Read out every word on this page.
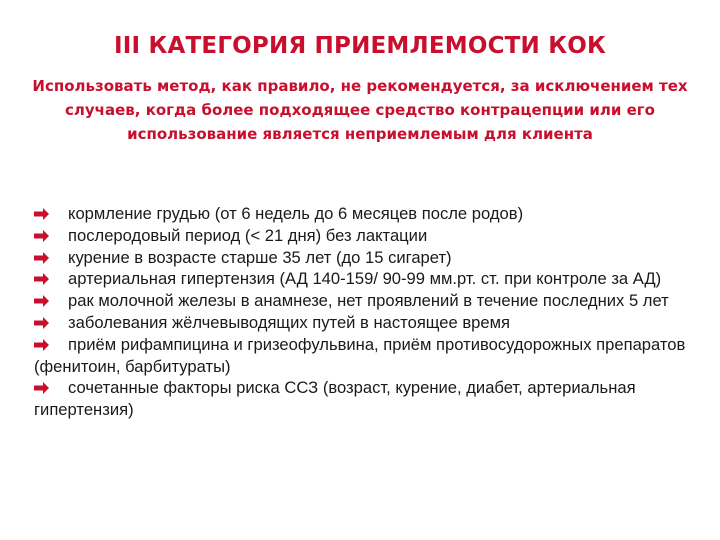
III КАТЕГОРИЯ ПРИЕМЛЕМОСТИ КОК
Использовать метод, как правило, не рекомендуется, за исключением тех случаев, когда более подходящее средство контрацепции или его использование является неприемлемым для клиента
кормление грудью (от 6 недель до 6 месяцев после родов)
послеродовый период (< 21 дня) без лактации
курение в возрасте старше 35 лет (до 15 сигарет)
артериальная гипертензия (АД 140-159/ 90-99 мм.рт. ст. при контроле за АД)
рак молочной железы в анамнезе, нет проявлений в течение последних 5 лет
заболевания жёлчевыводящих путей в настоящее время
приём рифампицина и гризеофульвина, приём противосудорожных препаратов (фенитоин, барбитураты)
сочетанные факторы риска ССЗ (возраст, курение, диабет, артериальная гипертензия)
